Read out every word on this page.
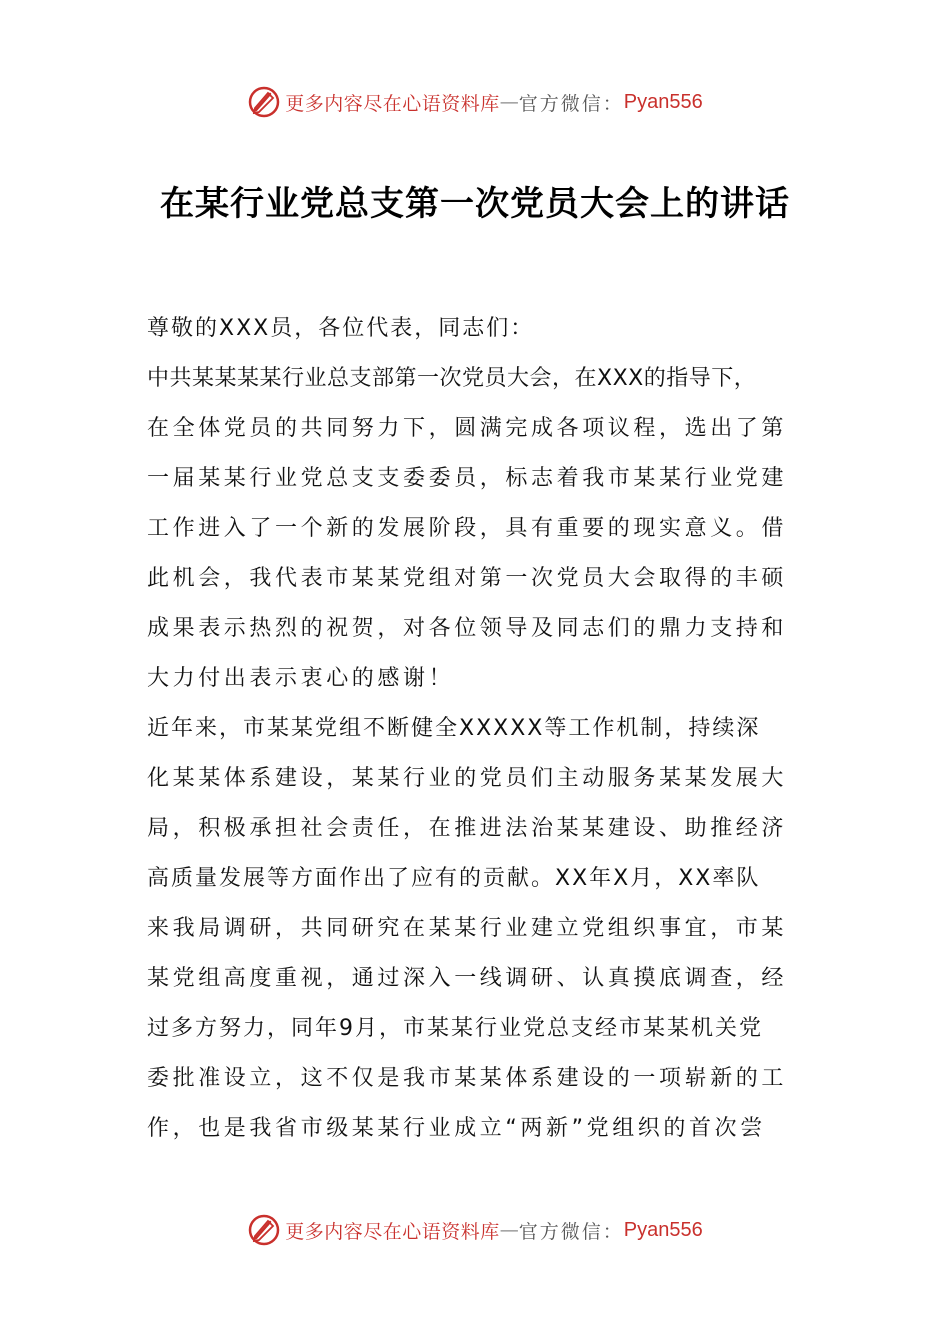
更多内容尽在心语资料库 — 官方微信： Pyan556
在某行业党总支第一次党员大会上的讲话
尊敬的XXX员，各位代表，同志们：
中共某某某某行业总支部第一次党员大会，在XXX的指导下，
在全体党员的共同努力下，圆满完成各项议程，选出了第
一届某某行业党总支支委委员，标志着我市某某行业党建
工作进入了一个新的发展阶段，具有重要的现实意义。借
此机会，我代表市某某党组对第一次党员大会取得的丰硕
成果表示热烈的祝贺，对各位领导及同志们的鼎力支持和
大力付出表示衷心的感谢！
近年来，市某某党组不断健全XXXXX等工作机制，持续深
化某某体系建设，某某行业的党员们主动服务某某发展大
局，积极承担社会责任，在推进法治某某建设、助推经济
高质量发展等方面作出了应有的贡献。XX年X月，XX率队
来我局调研，共同研究在某某行业建立党组织事宜，市某
某党组高度重视，通过深入一线调研、认真摸底调查，经
过多方努力，同年9月，市某某行业党总支经市某某机关党
委批准设立，这不仅是我市某某体系建设的一项崭新的工
作，也是我省市级某某行业成立“两新”党组织的首次尝
更多内容尽在心语资料库 — 官方微信： Pyan556
